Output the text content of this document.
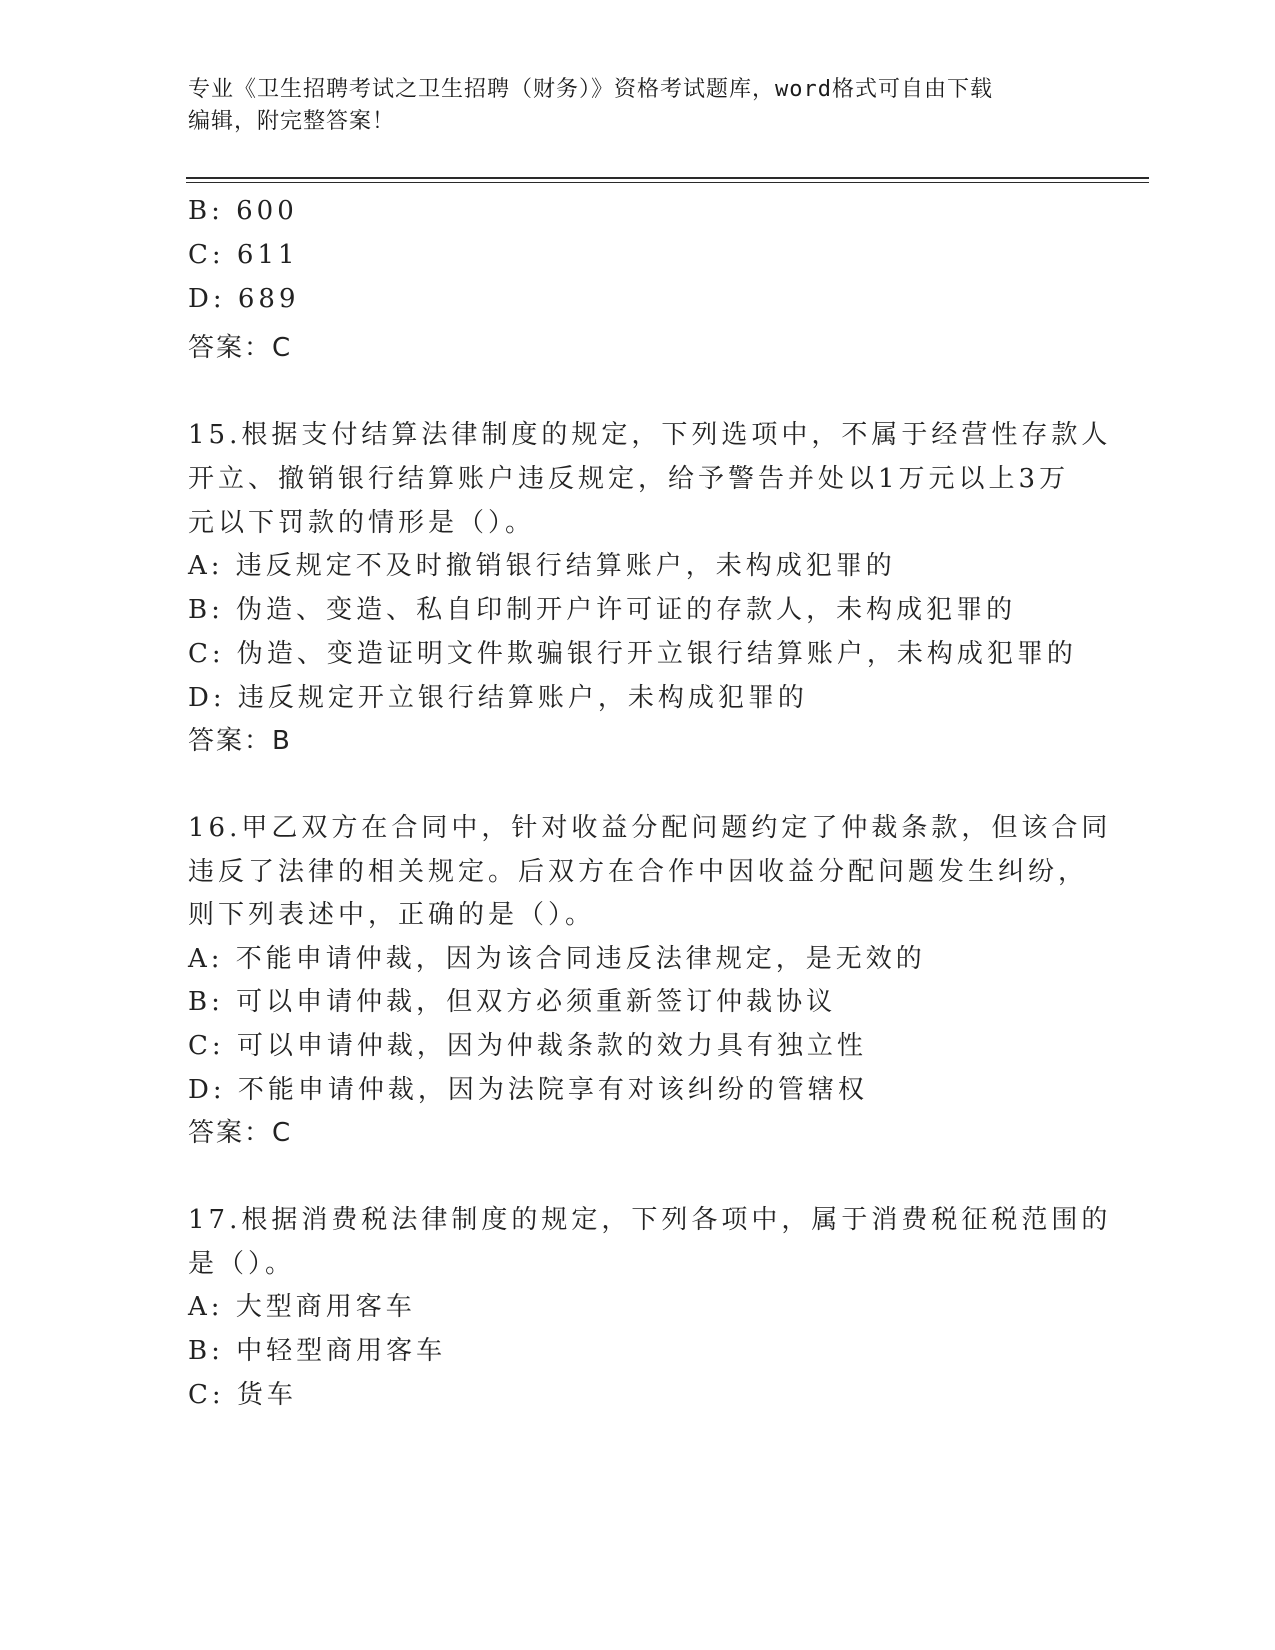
专业《卫生招聘考试之卫生招聘（财务）》资格考试题库，word格式可自由下载
编辑，附完整答案！
B: 600
C: 611
D: 689
答案：C
15.根据支付结算法律制度的规定，下列选项中，不属于经营性存款人
开立、撤销银行结算账户违反规定，给予警告并处以1万元以上3万
元以下罚款的情形是（）。
A: 违反规定不及时撤销银行结算账户，未构成犯罪的
B: 伪造、变造、私自印制开户许可证的存款人，未构成犯罪的
C: 伪造、变造证明文件欺骗银行开立银行结算账户，未构成犯罪的
D: 违反规定开立银行结算账户，未构成犯罪的
答案：B
16.甲乙双方在合同中，针对收益分配问题约定了仲裁条款，但该合同
违反了法律的相关规定。后双方在合作中因收益分配问题发生纠纷，
则下列表述中，正确的是（）。
A: 不能申请仲裁，因为该合同违反法律规定，是无效的
B: 可以申请仲裁，但双方必须重新签订仲裁协议
C: 可以申请仲裁，因为仲裁条款的效力具有独立性
D: 不能申请仲裁，因为法院享有对该纠纷的管辖权
答案：C
17.根据消费税法律制度的规定，下列各项中，属于消费税征税范围的
是（）。
A: 大型商用客车
B: 中轻型商用客车
C: 货车
